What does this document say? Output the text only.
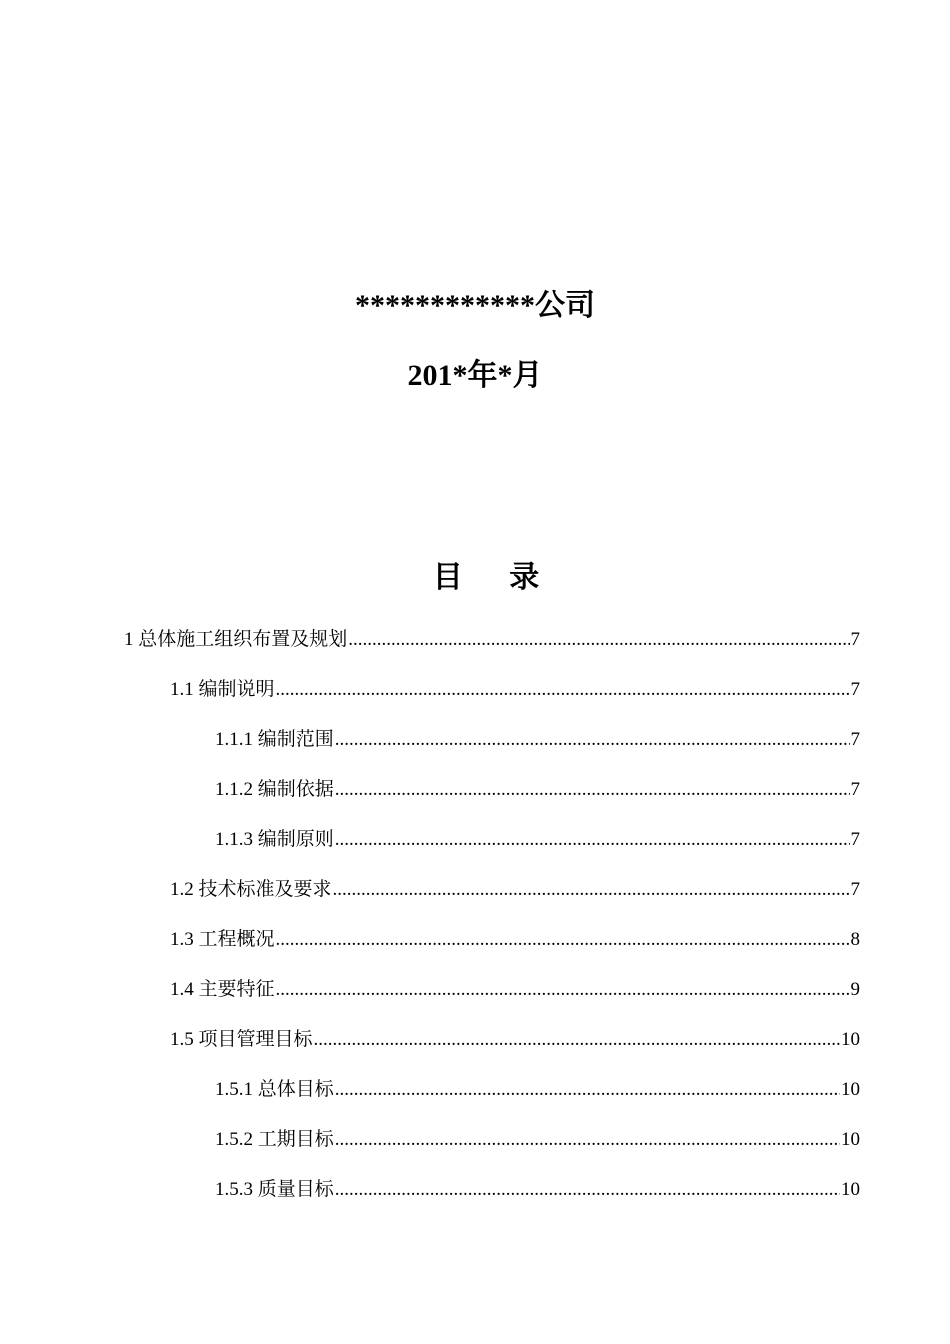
************公司
201*年*月
目 录
1 总体施工组织布置及规划 .....	7
1.1 编制说明 .....	7
1.1.1 编制范围 .....	7
1.1.2 编制依据 .....	7
1.1.3 编制原则 .....	7
1.2 技术标准及要求 .....	7
1.3 工程概况 .....	8
1.4 主要特征 .....	9
1.5 项目管理目标 .....	10
1.5.1 总体目标 .....	10
1.5.2 工期目标 .....	10
1.5.3 质量目标 .....	10
